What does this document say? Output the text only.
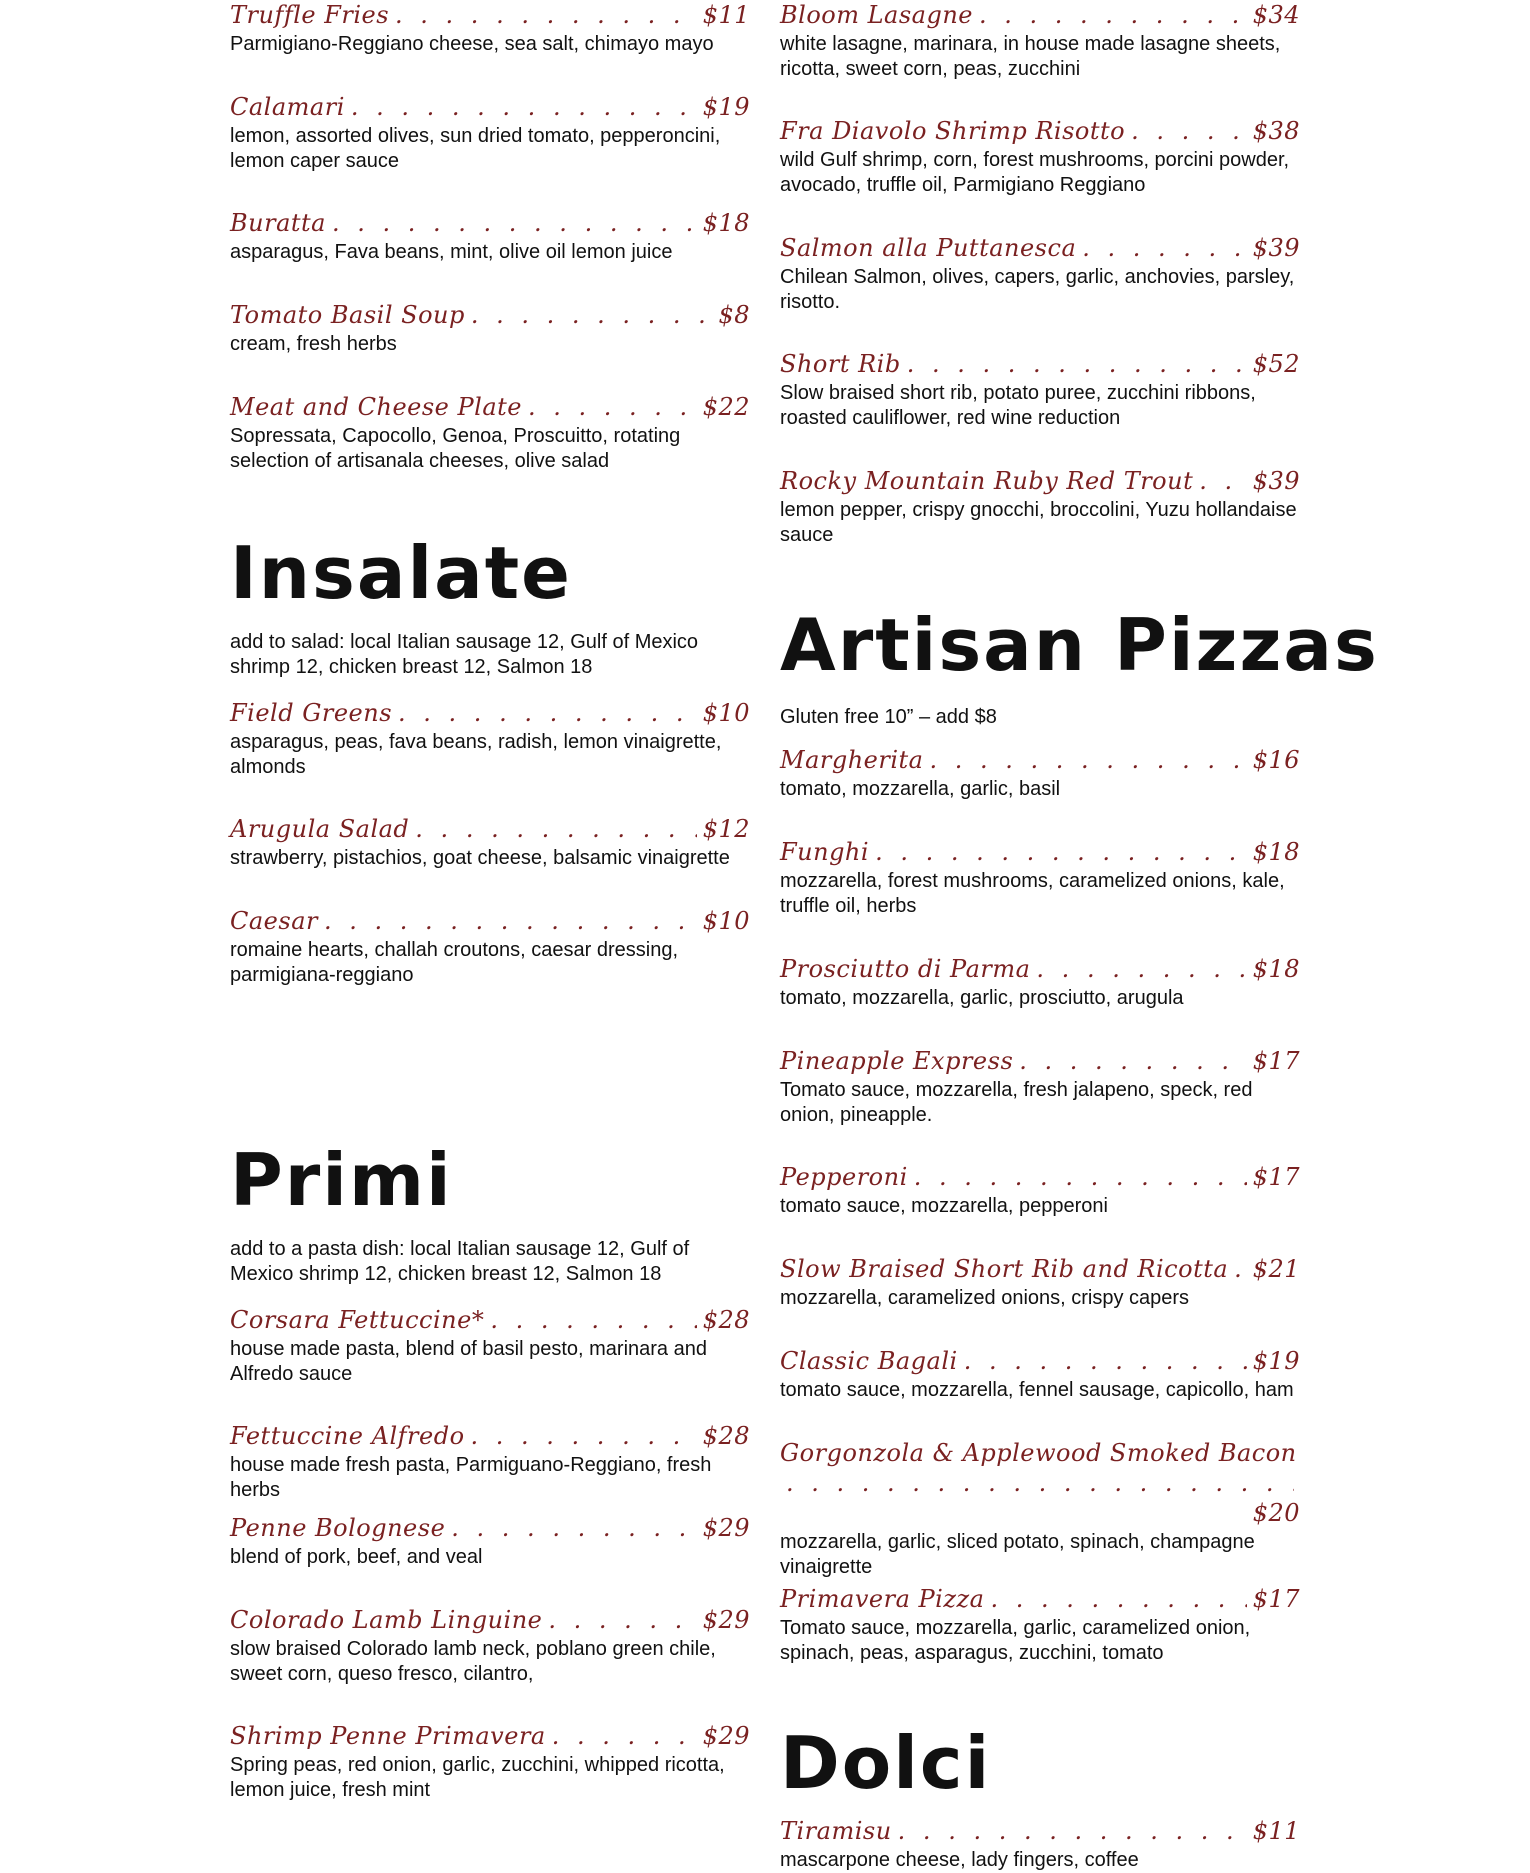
Truffle Fries . . .	$11
Parmigiano-Reggiano cheese, sea salt, chimayo mayo
Calamari . . .	$19
lemon, assorted olives, sun dried tomato, pepperoncini, lemon caper sauce
Buratta . . .	$18
asparagus, Fava beans, mint, olive oil lemon juice
Tomato Basil Soup . . .	$8
cream, fresh herbs
Meat and Cheese Plate . . .	$22
Sopressata, Capocollo, Genoa, Proscuitto, rotating selection of artisanala cheeses, olive salad
Insalate
add to salad: local Italian sausage 12, Gulf of Mexico shrimp 12, chicken breast 12, Salmon 18
Field Greens . . .	$10
asparagus, peas, fava beans, radish, lemon vinaigrette, almonds
Arugula Salad . . .	$12
strawberry, pistachios, goat cheese, balsamic vinaigrette
Caesar . . .	$10
romaine hearts, challah croutons, caesar dressing, parmigiana-reggiano
Primi
add to a pasta dish: local Italian sausage 12, Gulf of Mexico shrimp 12, chicken breast 12, Salmon 18
Corsara Fettuccine* . . .	$28
house made pasta, blend of basil pesto, marinara and Alfredo sauce
Fettuccine Alfredo . . .	$28
house made fresh pasta, Parmiguano-Reggiano, fresh herbs
Penne Bolognese . . .	$29
blend of pork, beef, and veal
Colorado Lamb Linguine . . .	$29
slow braised Colorado lamb neck, poblano green chile, sweet corn, queso fresco, cilantro,
Shrimp Penne Primavera . . .	$29
Spring peas, red onion, garlic, zucchini, whipped ricotta, lemon juice, fresh mint
Bloom Lasagne . . .	$34
white lasagne, marinara, in house made lasagne sheets, ricotta, sweet corn, peas, zucchini
Fra Diavolo Shrimp Risotto . . .	$38
wild Gulf shrimp, corn, forest mushrooms, porcini powder, avocado, truffle oil, Parmigiano Reggiano
Salmon alla Puttanesca . . .	$39
Chilean Salmon, olives, capers, garlic, anchovies, parsley, risotto.
Short Rib . . .	$52
Slow braised short rib, potato puree, zucchini ribbons, roasted cauliflower, red wine reduction
Rocky Mountain Ruby Red Trout . . . $39
lemon pepper, crispy gnocchi, broccolini, Yuzu hollandaise sauce
Artisan Pizzas
Gluten free 10” – add $8
Margherita . . .	$16
tomato, mozzarella, garlic, basil
Funghi . . .	$18
mozzarella, forest mushrooms, caramelized onions, kale, truffle oil, herbs
Prosciutto di Parma . . .	$18
tomato, mozzarella, garlic, prosciutto, arugula
Pineapple Express . . .	$17
Tomato sauce, mozzarella, fresh jalapeno, speck, red onion, pineapple.
Pepperoni . . .	$17
tomato sauce, mozzarella, pepperoni
Slow Braised Short Rib and Ricotta . . . $21
mozzarella, caramelized onions, crispy capers
Classic Bagali . . .	$19
tomato sauce, mozzarella, fennel sausage, capicollo, ham
Gorgonzola & Applewood Smoked Bacon
. . .
$20
mozzarella, garlic, sliced potato, spinach, champagne vinaigrette
Primavera Pizza . . .	$17
Tomato sauce, mozzarella, garlic, caramelized onion, spinach, peas, asparagus, zucchini, tomato
Dolci
Tiramisu . . .	$11
mascarpone cheese, lady fingers, coffee
